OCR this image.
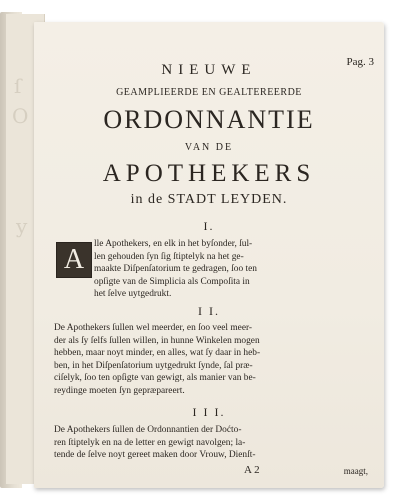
ſ
O
y
Pag. 3
NIEUWE
GEAMPLIEERDE EN GEALTEREERDE
ORDONNANTIE
VAN DE
APOTHEKERS
in de STADT LEYDEN.
I.
A	lle Apothekers, en elk in het byſonder, ſul-
len gehouden ſyn ſig ſtiptelyk na het ge-
maakte Diſpenſatorium te gedragen, ſoo ten
opſigte van de Simplicia als Compoſita in
het ſelve uytgedrukt.
I I.
De Apothekers ſullen wel meerder, en ſoo veel meer-
der als ſy ſelfs ſullen willen, in hunne Winkelen mogen
hebben, maar noyt minder, en alles, wat ſy daar in heb-
ben, in het Diſpenſatorium uytgedrukt ſynde, ſal præ-
ciſelyk, ſoo ten opſigte van gewigt, als manier van be-
reydinge moeten ſyn gepræpareert.
I I I.
De Apothekers ſullen de Ordonnantien der Doćto-
ren ſtiptelyk en na de letter en gewigt navolgen; la-
tende de ſelve noyt gereet maken door Vrouw, Dienſt-
A 2	maagt,
